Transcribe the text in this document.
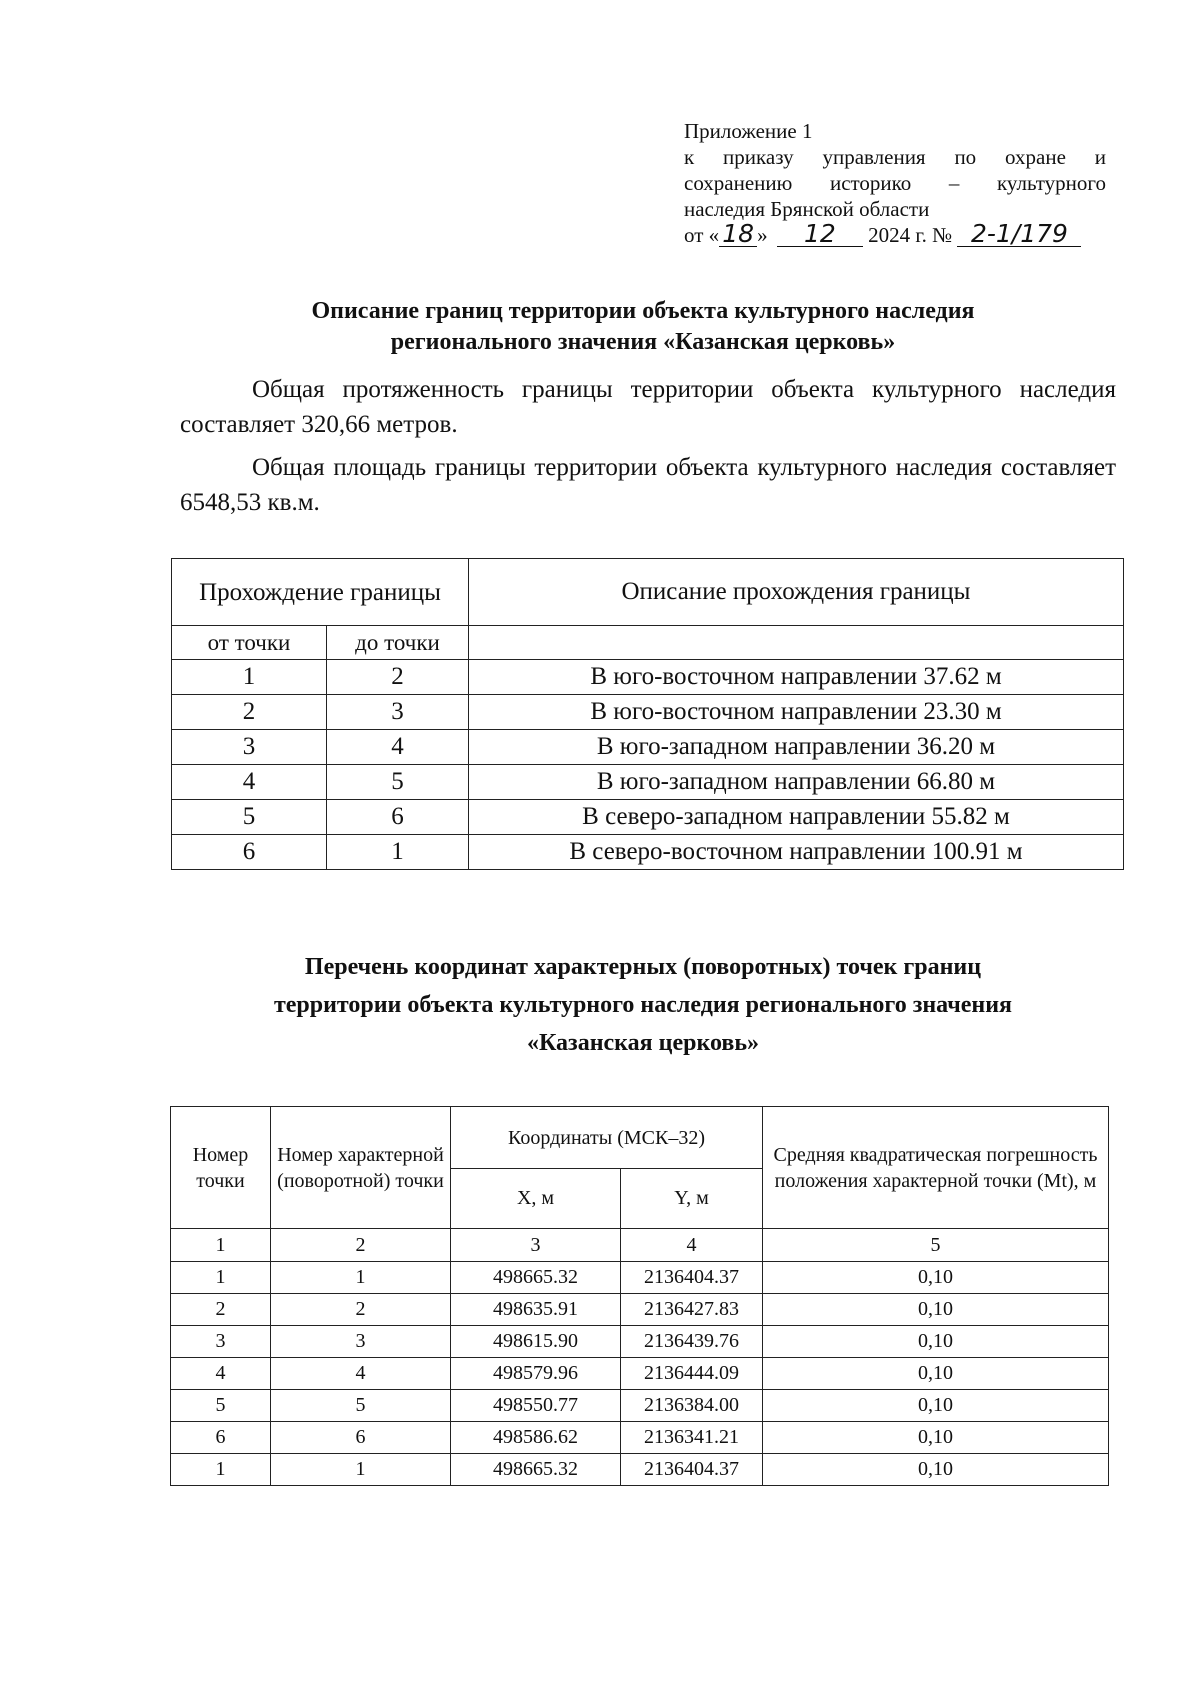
Приложение 1
к приказу управления по охране и
сохранению историко – культурного
наследия Брянской области
от « 18 » 12 2024 г. № 2-1/179
Описание границ территории объекта культурного наследия
регионального значения «Казанская церковь»

Общая протяженность границы территории объекта культурного наследия составляет 320,66 метров.

Общая площадь границы территории объекта культурного наследия составляет 6548,53 кв.м.

Прохождение границы		Описание прохождения границы
от точки	до точки	
1	2	В юго-восточном направлении 37.62 м
2	3	В юго-восточном направлении 23.30 м
3	4	В юго-западном направлении 36.20 м
4	5	В юго-западном направлении 66.80 м
5	6	В северо-западном направлении 55.82 м
6	1	В северо-восточном направлении 100.91 м
Перечень координат характерных (поворотных) точек границ
территории объекта культурного наследия регионального значения
«Казанская церковь»
Номер точки	Номер характерной (поворотной) точки	Координаты (МСК–32)		Средняя квадратическая погрешность положения характерной точки (Mt), м
		X, м	Y, м	
1	2	3	4	5
1	1	498665.32	2136404.37	0,10
2	2	498635.91	2136427.83	0,10
3	3	498615.90	2136439.76	0,10
4	4	498579.96	2136444.09	0,10
5	5	498550.77	2136384.00	0,10
6	6	498586.62	2136341.21	0,10
1	1	498665.32	2136404.37	0,10
